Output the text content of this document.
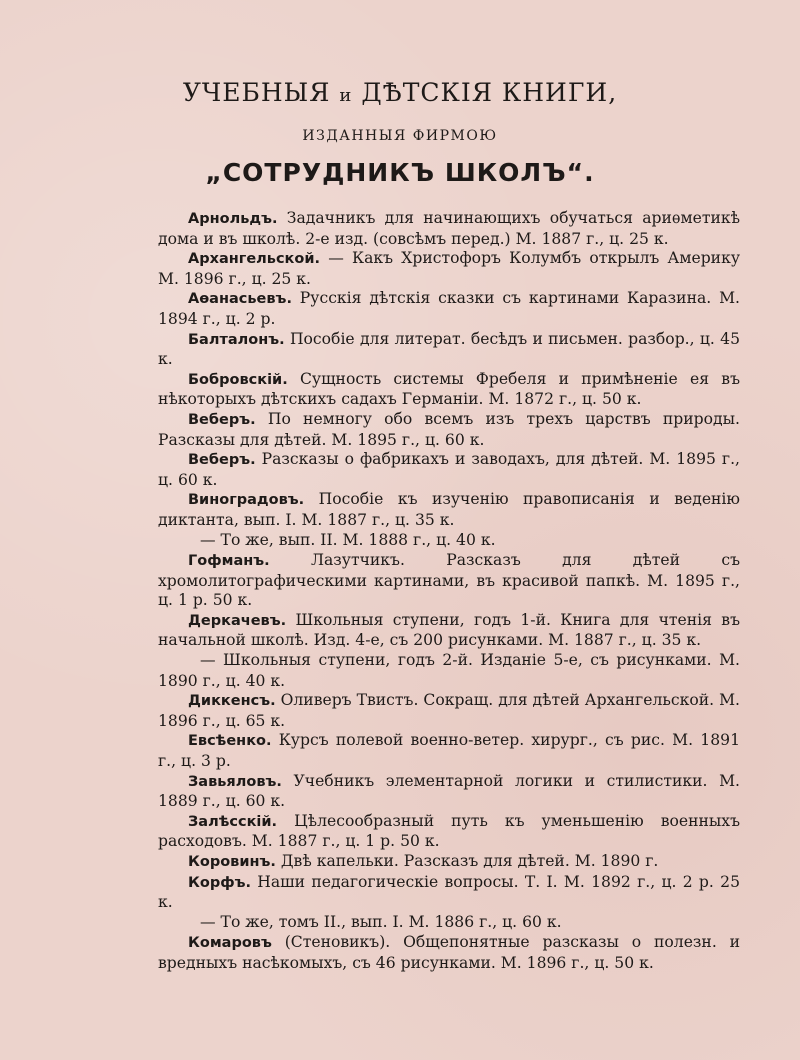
УЧЕБНЫЯ и ДѢТСКІЯ КНИГИ,
ИЗДАННЫЯ ФИРМОЮ
„СОТРУДНИКЪ ШКОЛЪ“.
Арнольдъ. Задачникъ для начинающихъ обучаться ариѳметикѣ дома и въ школѣ. 2-е изд. (совсѣмъ перед.) М. 1887 г., ц. 25 к.
Архангельской. — Какъ Христофоръ Колумбъ открылъ Америку М. 1896 г., ц. 25 к.
Аѳанасьевъ. Русскія дѣтскія сказки съ картинами Каразина. М. 1894 г., ц. 2 р.
Балталонъ. Пособіе для литерат. бесѣдъ и письмен. разбор., ц. 45 к.
Бобровскій. Сущность системы Фребеля и примѣненіе ея въ нѣкоторыхъ дѣтскихъ садахъ Германіи. М. 1872 г., ц. 50 к.
Веберъ. По немногу обо всемъ изъ трехъ царствъ природы. Разсказы для дѣтей. М. 1895 г., ц. 60 к.
Веберъ. Разсказы о фабрикахъ и заводахъ, для дѣтей. М. 1895 г., ц. 60 к.
Виноградовъ. Пособіе къ изученію правописанія и веденію диктанта, вып. I. М. 1887 г., ц. 35 к.
— То же, вып. II. М. 1888 г., ц. 40 к.
Гофманъ. Лазутчикъ. Разсказъ для дѣтей съ хромолитографическими картинами, въ красивой папкѣ. М. 1895 г., ц. 1 р. 50 к.
Деркачевъ. Школьныя ступени, годъ 1-й. Книга для чтенія въ начальной школѣ. Изд. 4-е, съ 200 рисунками. М. 1887 г., ц. 35 к.
— Школьныя ступени, годъ 2-й. Изданіе 5-е, съ рисунками. М. 1890 г., ц. 40 к.
Диккенсъ. Оливеръ Твистъ. Сокращ. для дѣтей Архангельской. М. 1896 г., ц. 65 к.
Евсѣенко. Курсъ полевой военно-ветер. хирург., съ рис. М. 1891 г., ц. 3 р.
Завьяловъ. Учебникъ элементарной логики и стилистики. М. 1889 г., ц. 60 к.
Залѣсскій. Цѣлесообразный путь къ уменьшенію военныхъ расходовъ. М. 1887 г., ц. 1 р. 50 к.
Коровинъ. Двѣ капельки. Разсказъ для дѣтей. М. 1890 г.
Корфъ. Наши педагогическіе вопросы. Т. I. М. 1892 г., ц. 2 р. 25 к.
— То же, томъ II., вып. I. М. 1886 г., ц. 60 к.
Комаровъ (Стеновикъ). Общепонятные разсказы о полезн. и вредныхъ насѣкомыхъ, съ 46 рисунками. М. 1896 г., ц. 50 к.
